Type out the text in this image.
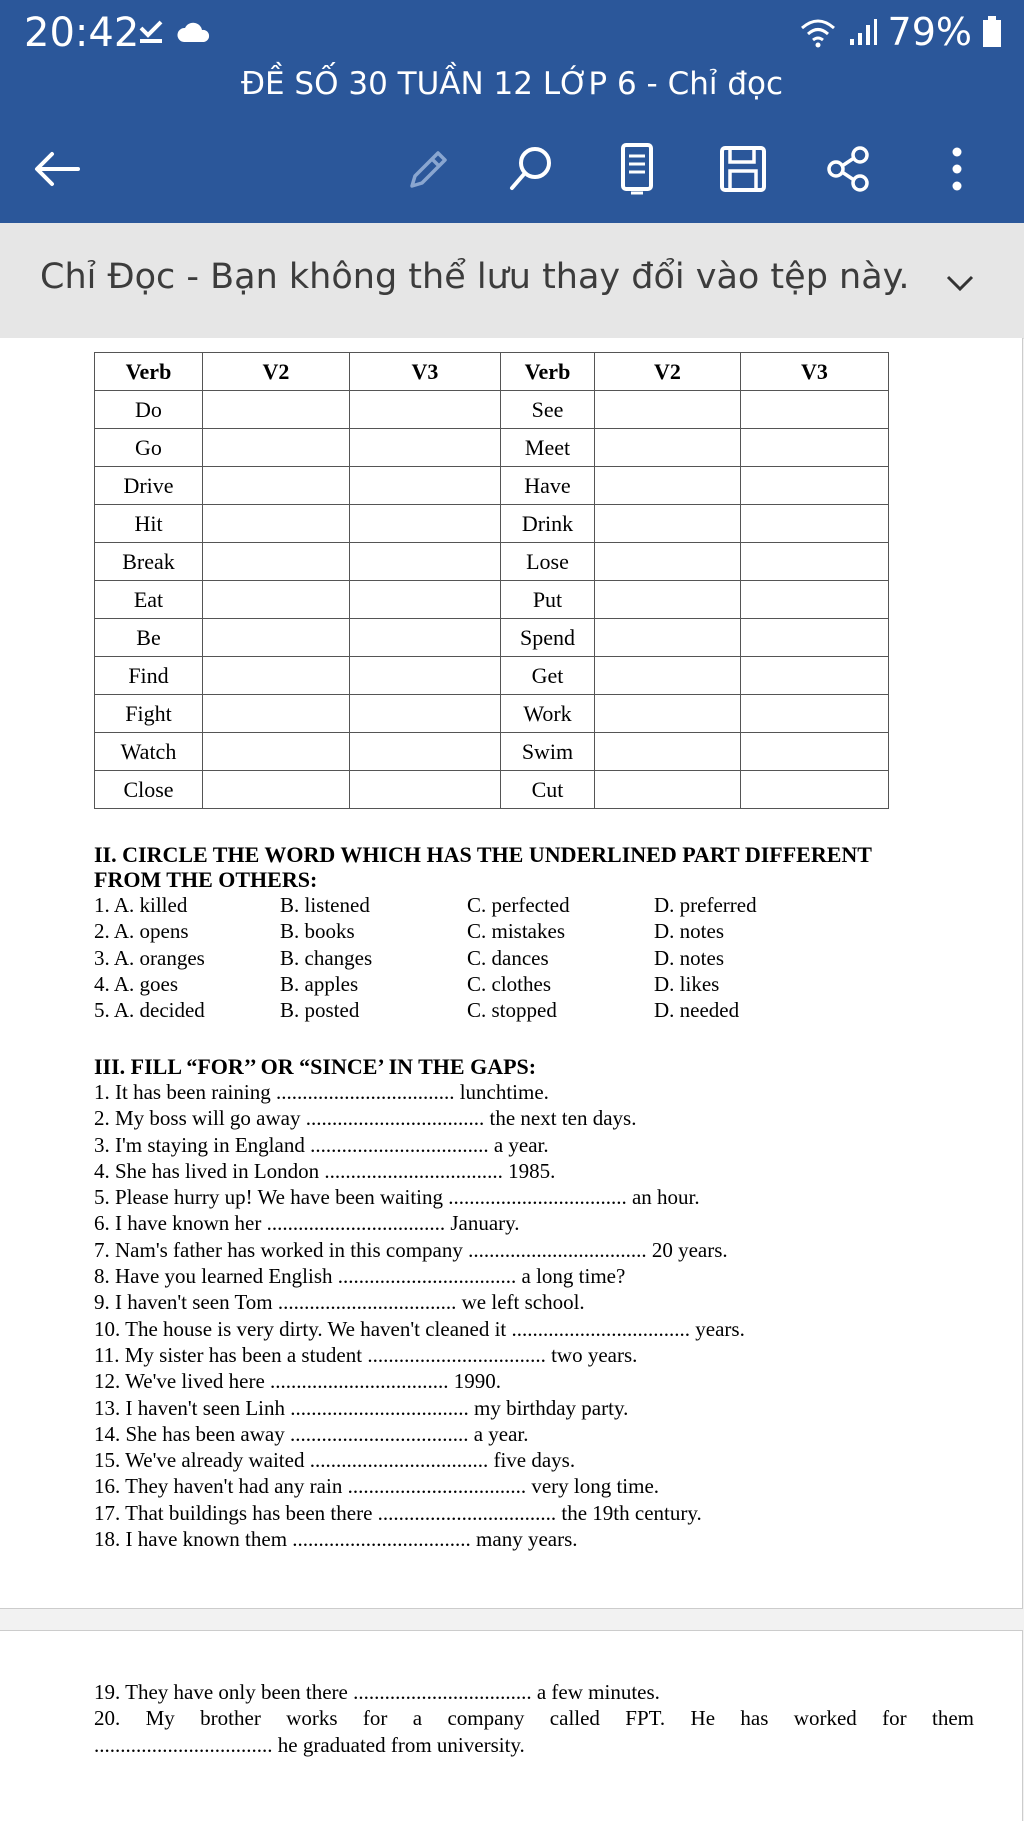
20:42	79%
ĐỀ SỐ 30 TUẦN 12 LỚP 6 - Chỉ đọc
Chỉ Đọc - Bạn không thể lưu thay đổi vào tệp này.
Verb	V2	V3	Verb	V2	V3
Do			See		
Go			Meet		
Drive			Have		
Hit			Drink		
Break			Lose		
Eat			Put		
Be			Spend		
Find			Get		
Fight			Work		
Watch			Swim		
Close			Cut		
II. CIRCLE THE WORD WHICH HAS THE UNDERLINED PART DIFFERENT
FROM THE OTHERS:
1. A. killed	B. listened	C. perfected	D. preferred
2. A. opens	B. books	C. mistakes	D. notes
3. A. oranges	B. changes	C. dances	D. notes
4. A. goes	B. apples	C. clothes	D. likes
5. A. decided	B. posted	C. stopped	D. needed
III. FILL “FOR’’ OR “SINCE’ IN THE GAPS:
1. It has been raining .................................. lunchtime.
2. My boss will go away .................................. the next ten days.
3. I'm staying in England .................................. a year.
4. She has lived in London .................................. 1985.
5. Please hurry up! We have been waiting .................................. an hour.
6. I have known her .................................. January.
7. Nam's father has worked in this company .................................. 20 years.
8. Have you learned English .................................. a long time?
9. I haven't seen Tom .................................. we left school.
10. The house is very dirty. We haven't cleaned it .................................. years.
11. My sister has been a student .................................. two years.
12. We've lived here .................................. 1990.
13. I haven't seen Linh .................................. my birthday party.
14. She has been away .................................. a year.
15. We've already waited .................................. five days.
16. They haven't had any rain .................................. very long time.
17. That buildings has been there .................................. the 19th century.
18. I have known them .................................. many years.
19. They have only been there .................................. a few minutes.
20. My brother works for a company called FPT. He has worked for them
.................................. he graduated from university.
